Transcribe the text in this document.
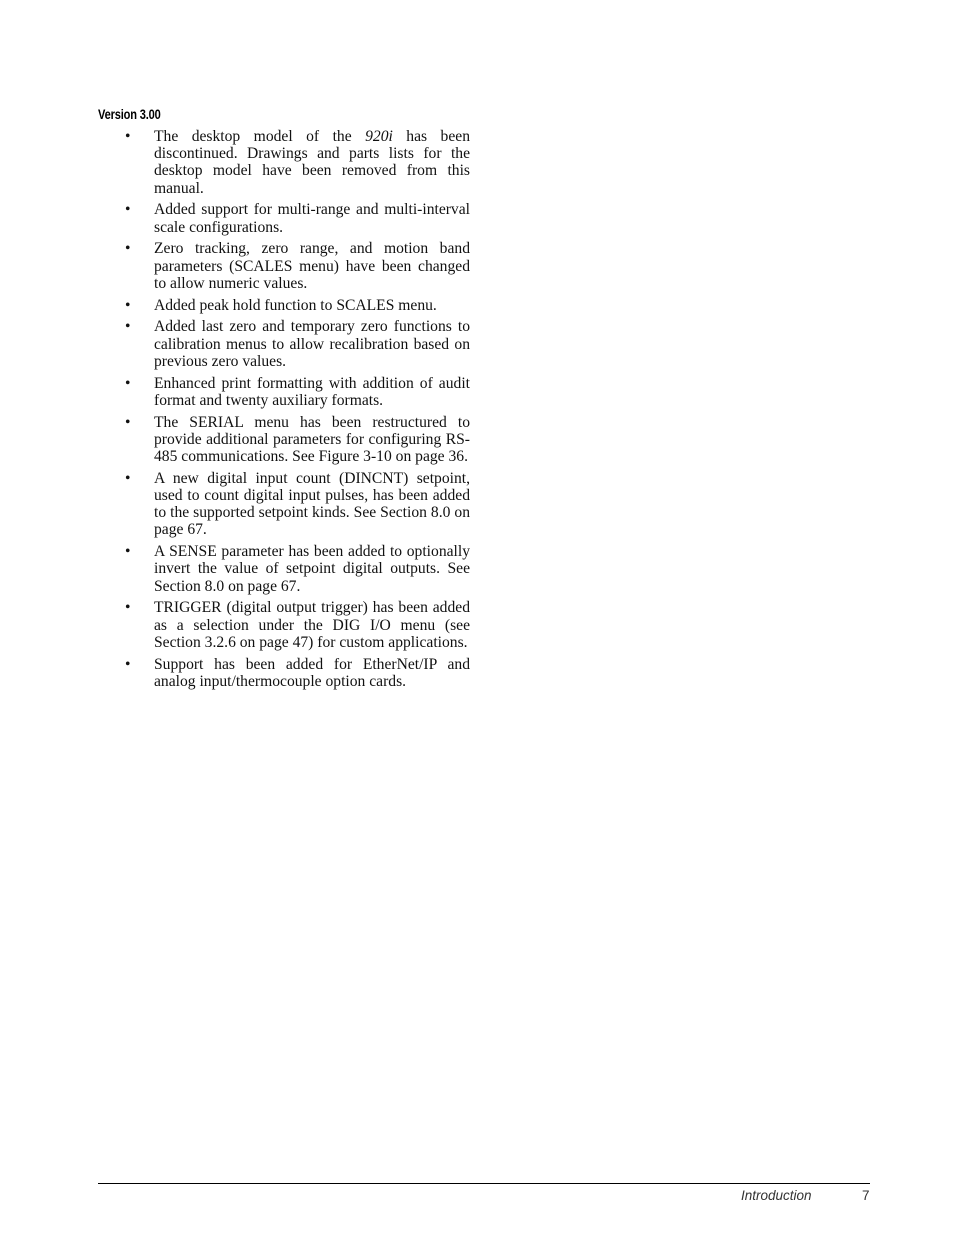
Version 3.00
• The desktop model of the 920i has been discontinued. Drawings and parts lists for the desktop model have been removed from this manual.
• Added support for multi-range and multi-interval scale configurations.
• Zero tracking, zero range, and motion band parameters (SCALES menu) have been changed to allow numeric values.
• Added peak hold function to SCALES menu.
• Added last zero and temporary zero functions to calibration menus to allow recalibration based on previous zero values.
• Enhanced print formatting with addition of audit format and twenty auxiliary formats.
• The SERIAL menu has been restructured to provide additional parameters for configuring RS-485 communications. See Figure 3-10 on page 36.
• A new digital input count (DINCNT) setpoint, used to count digital input pulses, has been added to the supported setpoint kinds. See Section 8.0 on page 67.
• A SENSE parameter has been added to optionally invert the value of setpoint digital outputs. See Section 8.0 on page 67.
• TRIGGER (digital output trigger) has been added as a selection under the DIG I/O menu (see Section 3.2.6 on page 47) for custom applications.
• Support has been added for EtherNet/IP and analog input/thermocouple option cards.
Introduction	7
